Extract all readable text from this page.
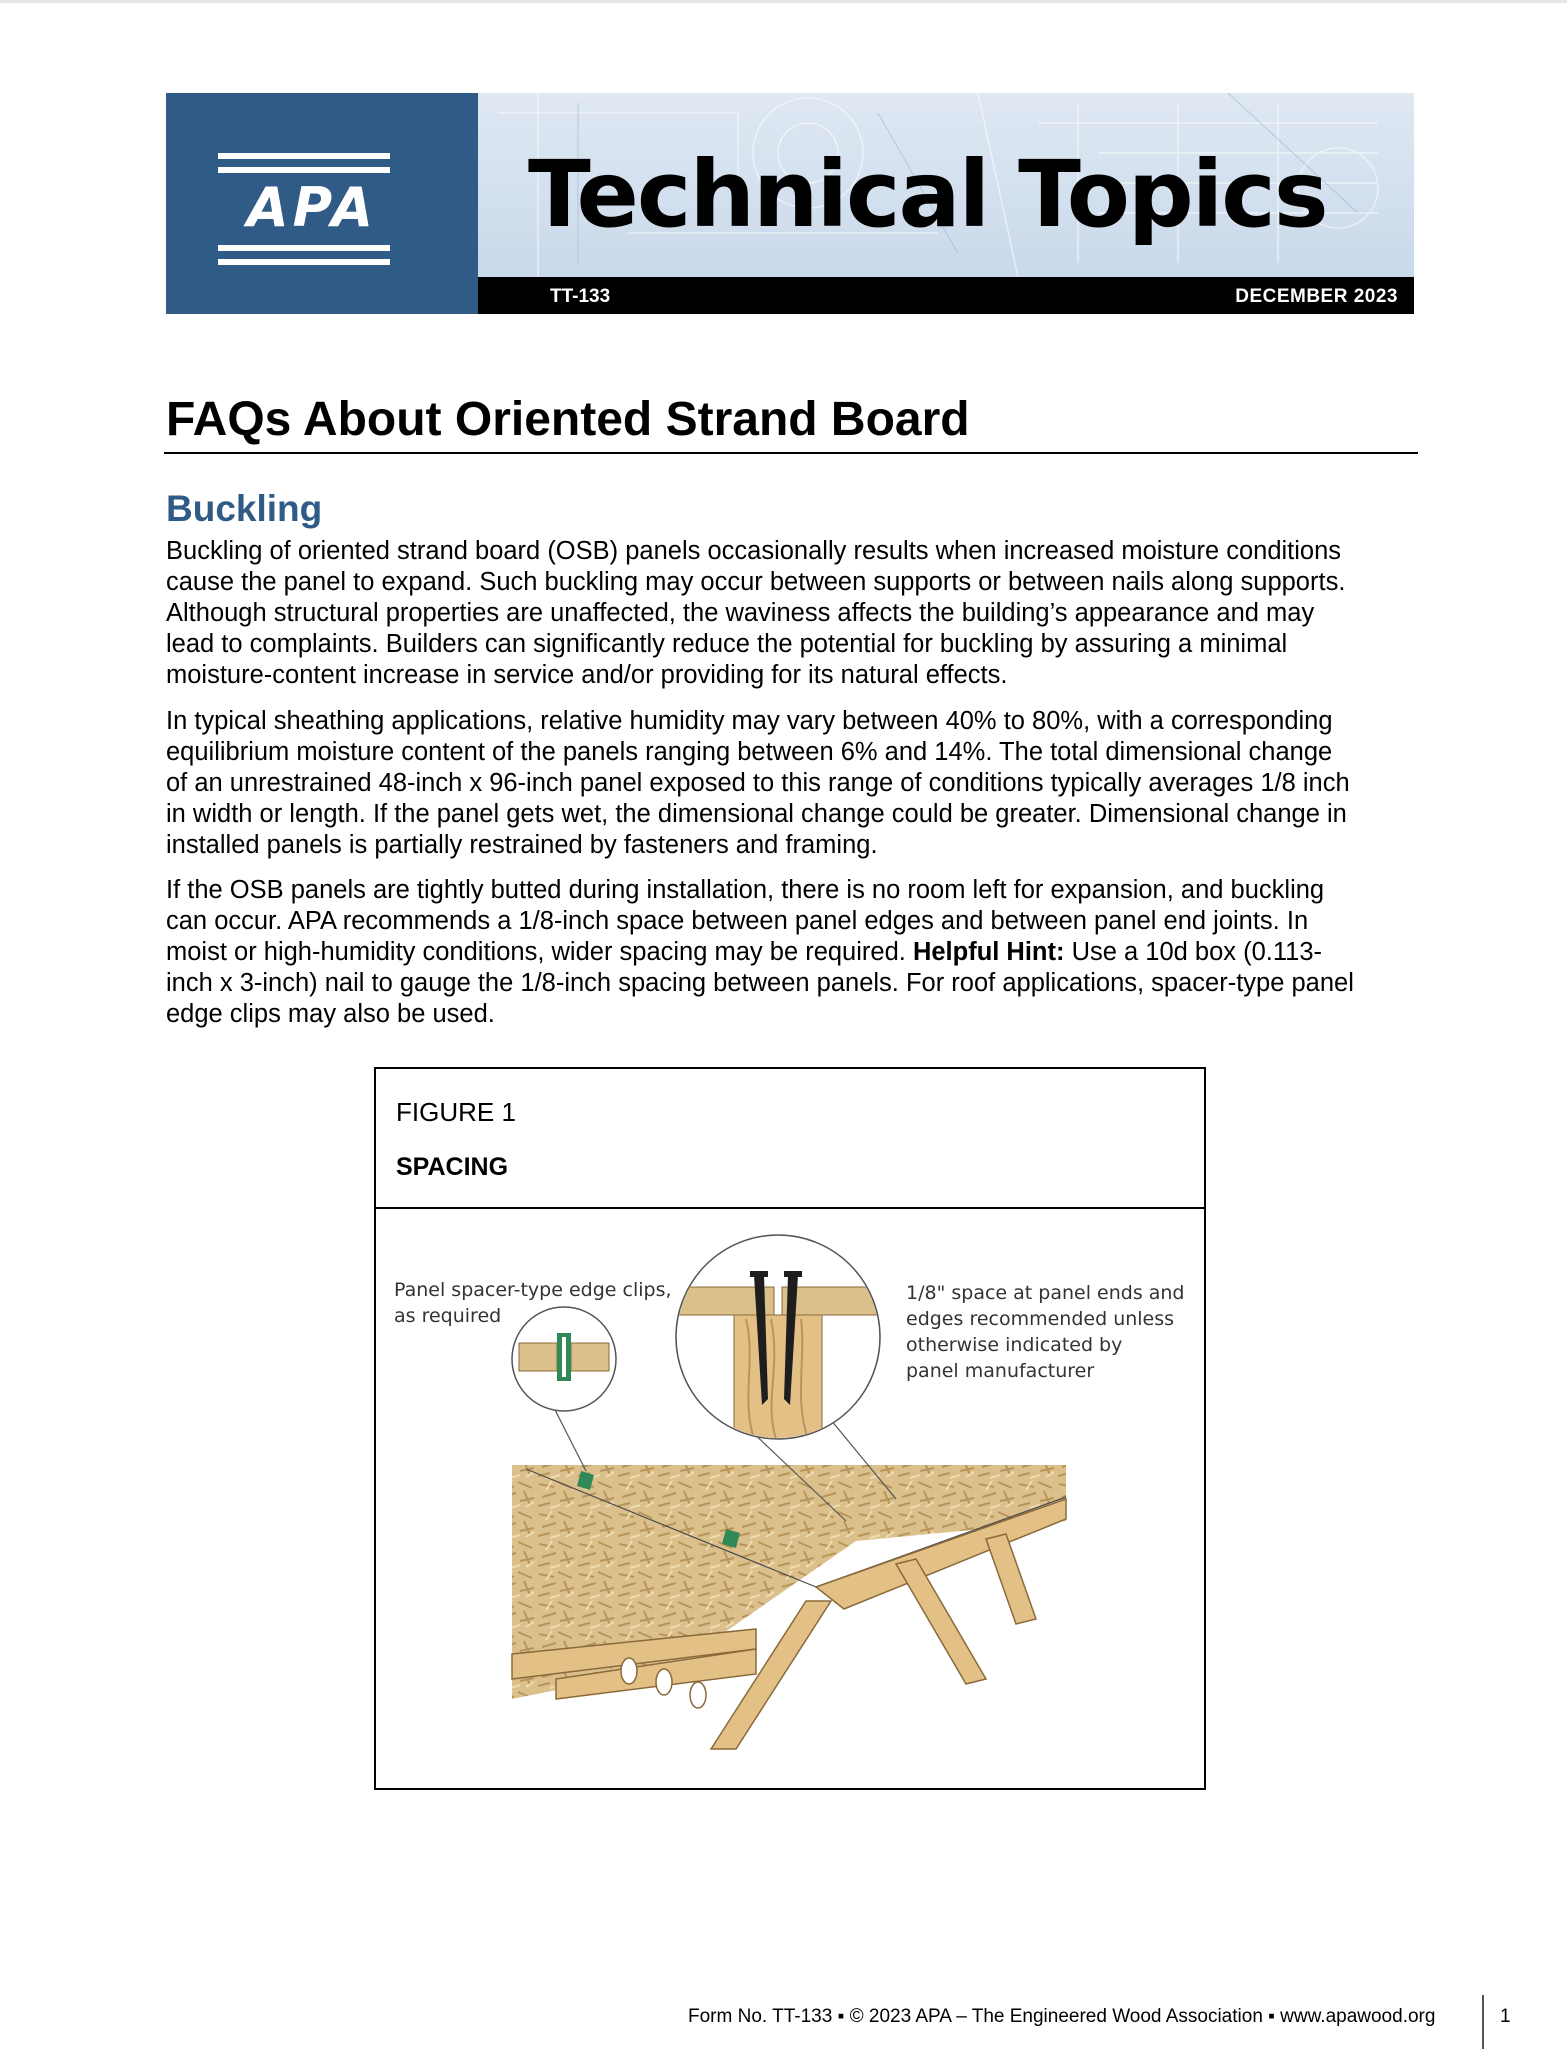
APA Technical Topics
TT-133	DECEMBER 2023
FAQs About Oriented Strand Board
Buckling
Buckling of oriented strand board (OSB) panels occasionally results when increased moisture conditions
cause the panel to expand. Such buckling may occur between supports or between nails along supports.
Although structural properties are unaffected, the waviness affects the building’s appearance and may
lead to complaints. Builders can significantly reduce the potential for buckling by assuring a minimal
moisture-content increase in service and/or providing for its natural effects.
In typical sheathing applications, relative humidity may vary between 40% to 80%, with a corresponding
equilibrium moisture content of the panels ranging between 6% and 14%. The total dimensional change
of an unrestrained 48-inch x 96-inch panel exposed to this range of conditions typically averages 1/8 inch
in width or length. If the panel gets wet, the dimensional change could be greater. Dimensional change in
installed panels is partially restrained by fasteners and framing.
If the OSB panels are tightly butted during installation, there is no room left for expansion, and buckling
can occur. APA recommends a 1/8-inch space between panel edges and between panel end joints. In
moist or high-humidity conditions, wider spacing may be required. Helpful Hint: Use a 10d box (0.113-
inch x 3-inch) nail to gauge the 1/8-inch spacing between panels. For roof applications, spacer-type panel
edge clips may also be used.
FIGURE 1
SPACING
Panel spacer-type edge clips,
as required
1/8" space at panel ends and
edges recommended unless
otherwise indicated by
panel manufacturer
Form No. TT-133 ▪ © 2023 APA – The Engineered Wood Association ▪ www.apawood.org	1
